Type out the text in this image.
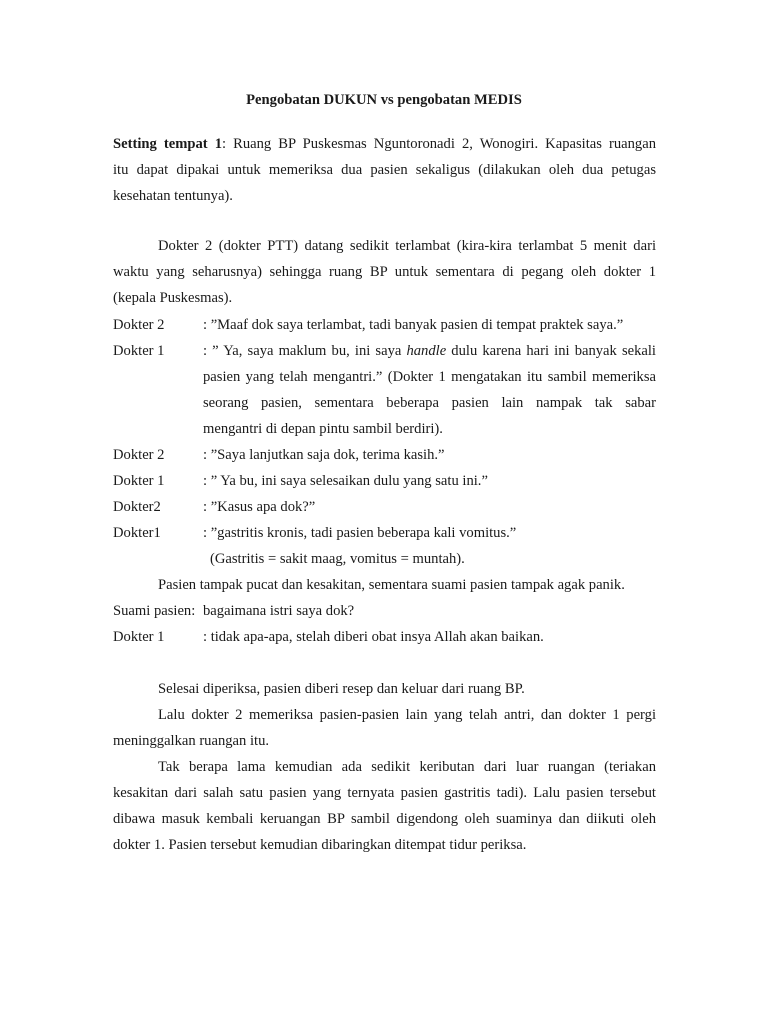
Pengobatan DUKUN vs pengobatan MEDIS
Setting tempat 1: Ruang BP Puskesmas Nguntoronadi 2, Wonogiri. Kapasitas ruangan
itu dapat dipakai untuk memeriksa dua pasien sekaligus (dilakukan oleh dua petugas
kesehatan tentunya).
Dokter 2 (dokter PTT) datang sedikit terlambat (kira-kira terlambat 5 menit dari
waktu yang seharusnya) sehingga ruang BP untuk sementara di pegang oleh dokter 1
(kepala Puskesmas).
Dokter 2	: ”Maaf dok saya terlambat, tadi banyak pasien di tempat praktek saya.”
Dokter 1	: ” Ya, saya maklum bu, ini saya handle dulu karena hari ini banyak sekali
pasien yang telah mengantri.” (Dokter 1 mengatakan itu sambil memeriksa
seorang pasien, sementara beberapa pasien lain nampak tak sabar
mengantri di depan pintu sambil berdiri).
Dokter 2	: ”Saya lanjutkan saja dok, terima kasih.”
Dokter 1	: ” Ya bu, ini saya selesaikan dulu yang satu ini.”
Dokter2	: ”Kasus apa dok?”
Dokter1	: ”gastritis kronis, tadi pasien beberapa kali vomitus.”
(Gastritis = sakit maag, vomitus = muntah).
Pasien tampak pucat dan kesakitan, sementara suami pasien tampak agak panik.
Suami pasien: bagaimana istri saya dok?
Dokter 1	: tidak apa-apa, stelah diberi obat insya Allah akan baikan.
Selesai diperiksa, pasien diberi resep dan keluar dari ruang BP.
Lalu dokter 2 memeriksa pasien-pasien lain yang telah antri, dan dokter 1 pergi
meninggalkan ruangan itu.
Tak berapa lama kemudian ada sedikit keributan dari luar ruangan (teriakan
kesakitan dari salah satu pasien yang ternyata pasien gastritis tadi). Lalu pasien tersebut
dibawa masuk kembali keruangan BP sambil digendong oleh suaminya dan diikuti oleh
dokter 1. Pasien tersebut kemudian dibaringkan ditempat tidur periksa.
